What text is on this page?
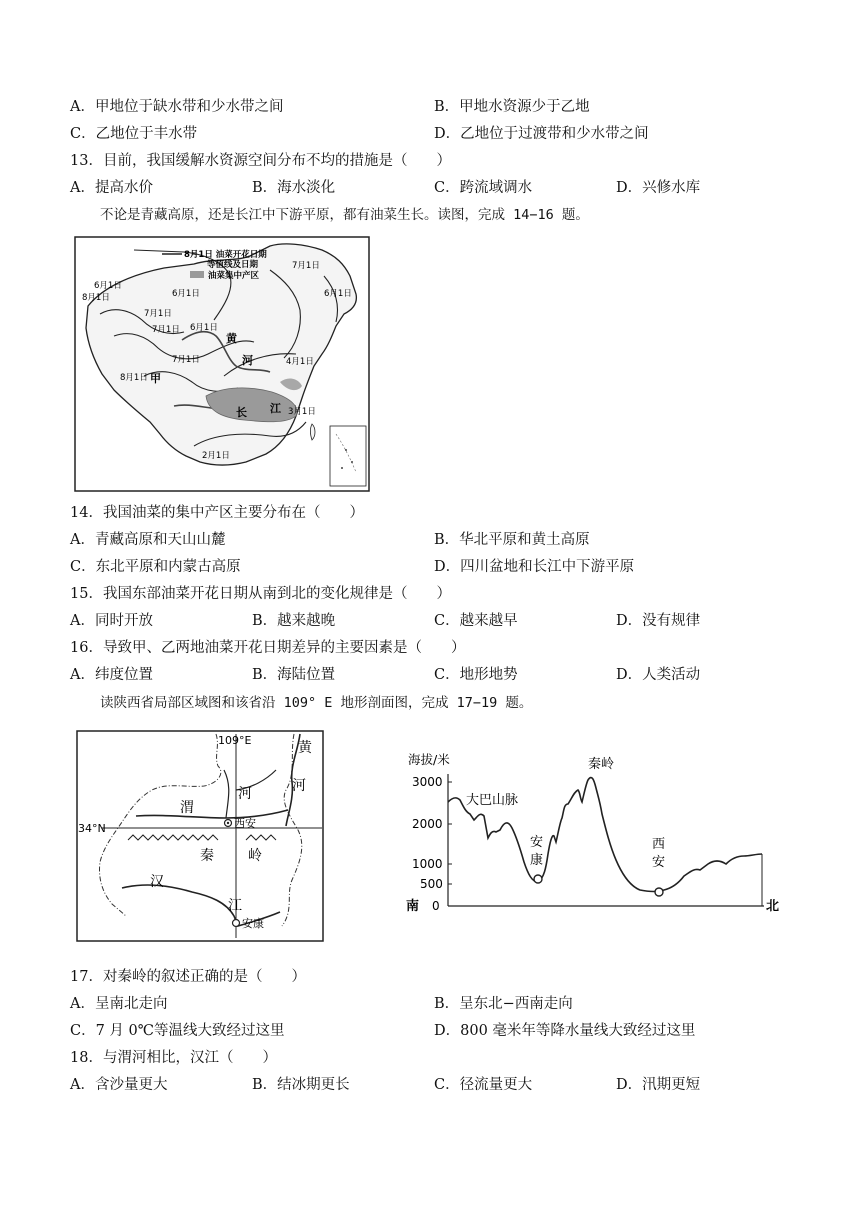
A．甲地位于缺水带和少水带之间	B．甲地水资源少于乙地
C．乙地位于丰水带	D．乙地位于过渡带和少水带之间
13．目前，我国缓解水资源空间分布不均的措施是（　　）
A．提高水价	B．海水淡化	C．跨流域调水	D．兴修水库
不论是青藏高原，还是长江中下游平原，都有油菜生长。读图，完成 14−16 题。
8月1日 油菜开花日期
等值线及日期
油菜集中产区
7月1日
6月1日
6月1日
8月1日	6月1日
7月1日
6月1日
7月1日
7月1日
8月1日
4月1日
3月1日
2月1日
甲
黄
河
长 江
14．我国油菜的集中产区主要分布在（　　）
A．青藏高原和天山山麓	B．华北平原和黄土高原
C．东北平原和内蒙古高原	D．四川盆地和长江中下游平原
15．我国东部油菜开花日期从南到北的变化规律是（　　）
A．同时开放	B．越来越晚	C．越来越早	D．没有规律
16．导致甲、乙两地油菜开花日期差异的主要因素是（　　）
A．纬度位置	B．海陆位置	C．地形地势	D．人类活动
读陕西省局部区域图和该省沿 109° E 地形剖面图，完成 17−19 题。
109°E
34°N
渭
河
黄
河
西安
秦 岭
汉
江
安康
海拔/米
3000
2000
1000
500
0
南	北
大巴山脉
秦岭
安
康
西
安
17．对秦岭的叙述正确的是（　　）
A．呈南北走向	B．呈东北−西南走向
C．7 月 0℃等温线大致经过这里	D．800 毫米年等降水量线大致经过这里
18．与渭河相比，汉江（　　）
A．含沙量更大	B．结冰期更长	C．径流量更大	D．汛期更短
